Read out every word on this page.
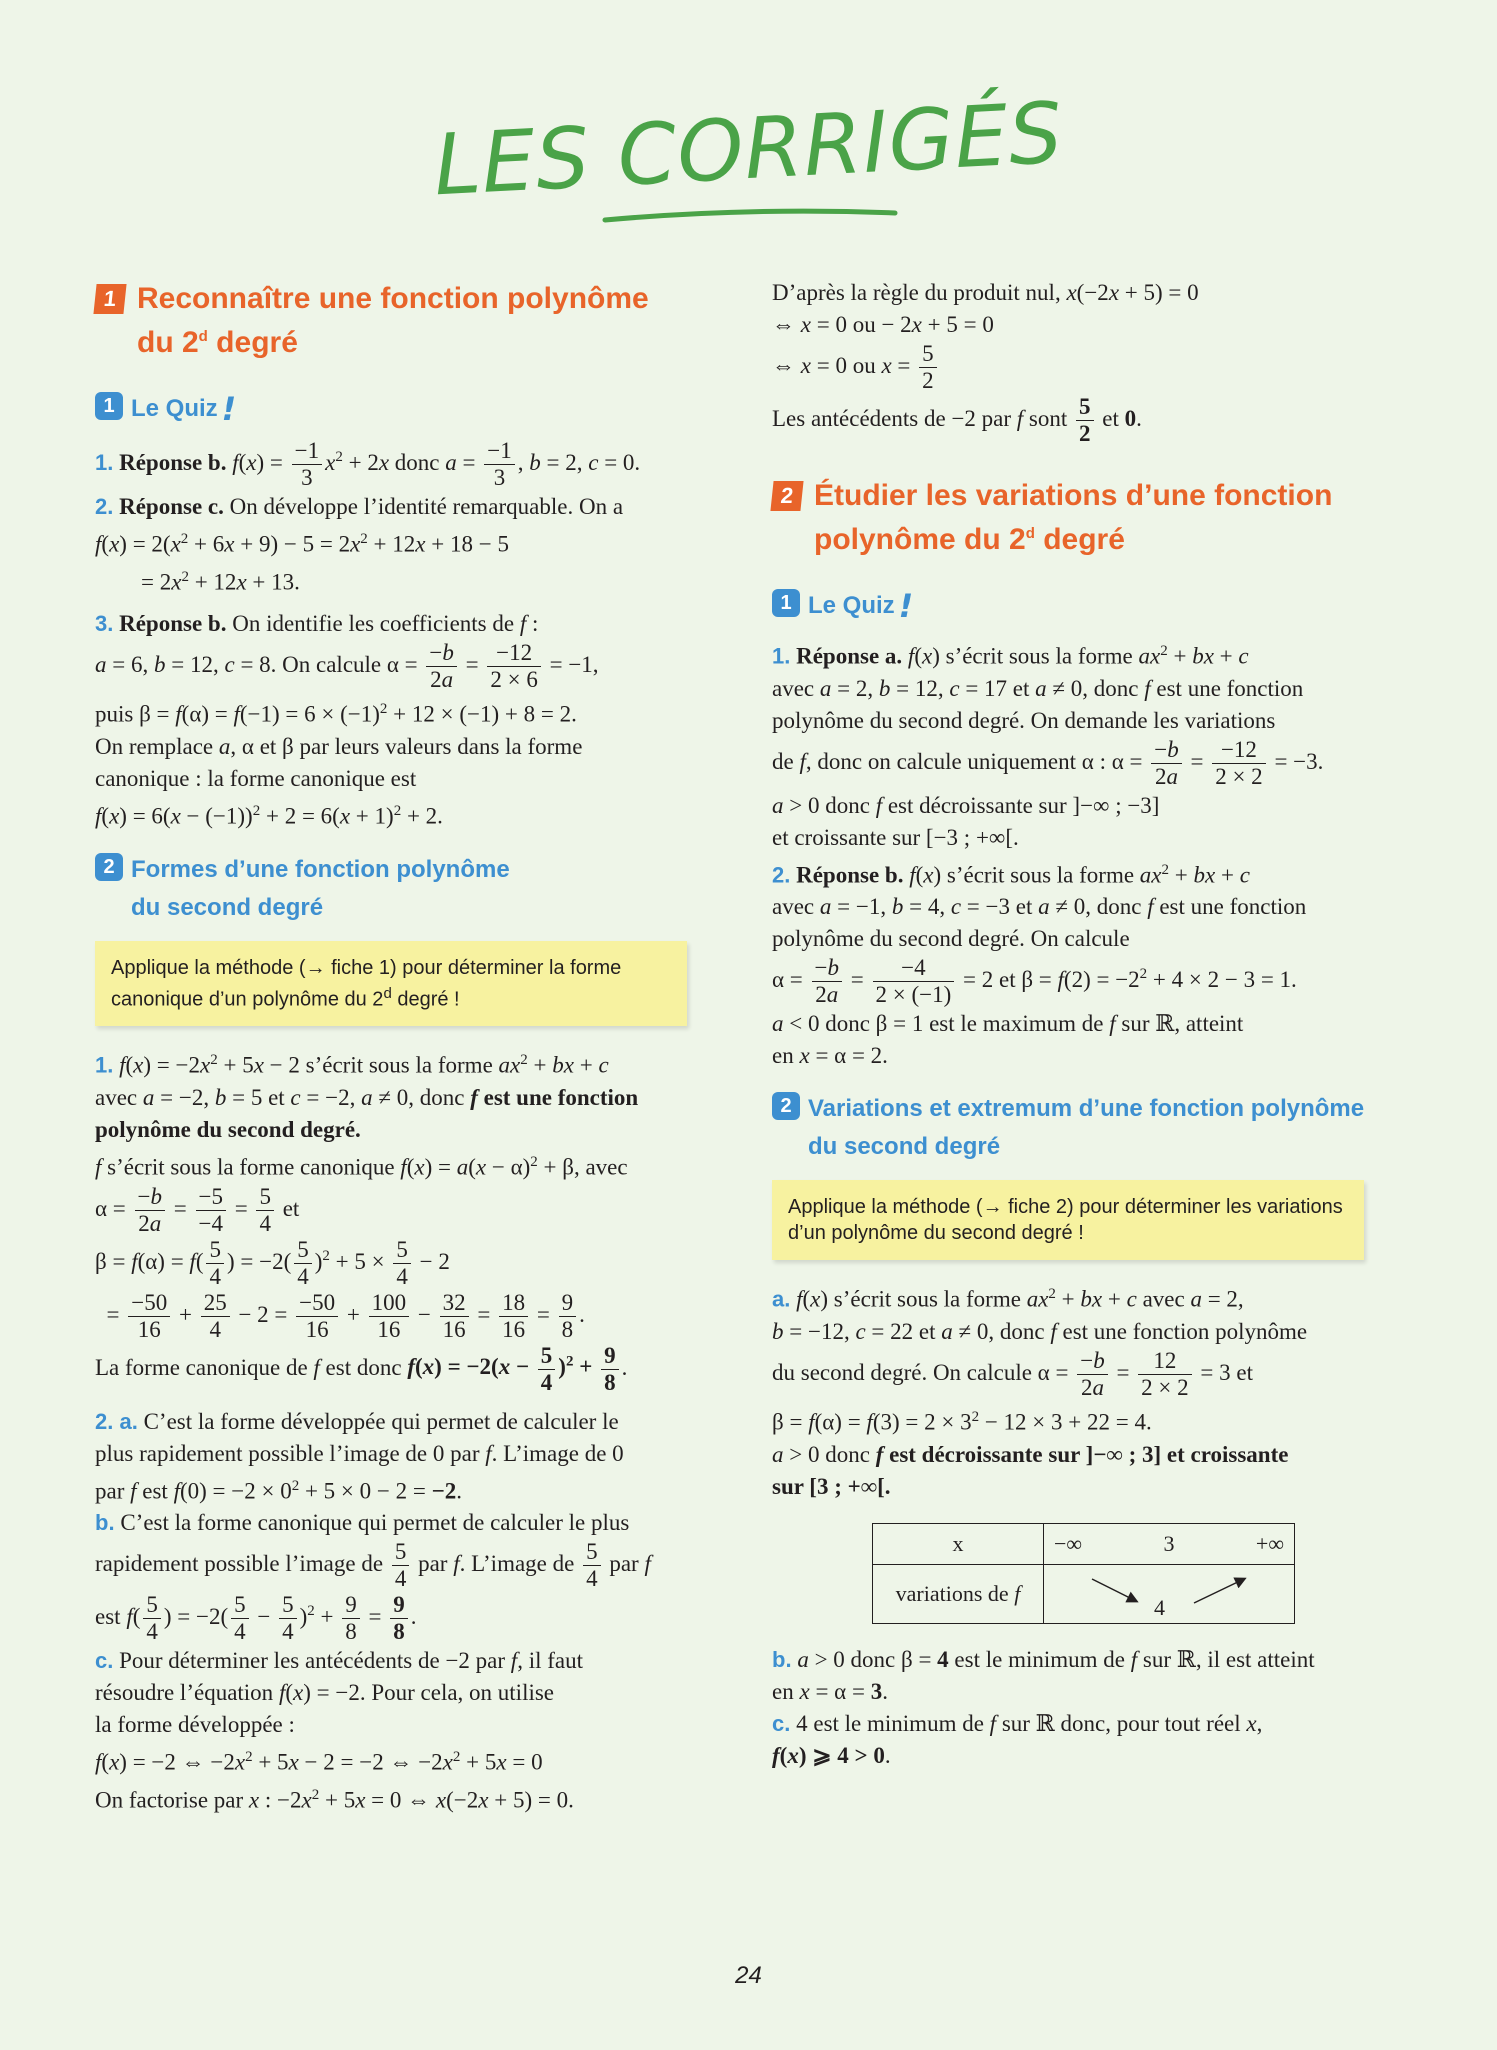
LES CORRIGÉS
1 Reconnaître une fonction polynôme
du 2$^d$ degré
1 Le Quiz !

1. Réponse b. $f(x) = \frac{-1}{3} x^2 + 2x$ donc $a = \frac{-1}{3}$ , b = 2, c = 0.

2. Réponse c. On développe l’identité remarquable. On a

$f(x) = 2(x^2 + 6x + 9) - 5 = 2x^2 + 12x + 18 - 5$

= $2x^2 + 12x + 13$.

3. Réponse b. On identifie les coefficients de f :

a = 6, b = 12, c = 8. On calcule $\alpha = \frac{-b}{2a} = \frac{-12}{2 \times 6} = -1$,

puis $\beta = f(\alpha) = f(-1) = 6 \times (-1)^2 + 12 \times (-1) + 8 = 2$.

On remplace a, α et β par leurs valeurs dans la forme

canonique : la forme canonique est

$f(x) = 6(x - (-1))^2 + 2 = 6(x + 1)^2 + 2$.

2 Formes d’une fonction polynôme
du second degré
Applique la méthode (→ fiche 1) pour déterminer la forme canonique d’un polynôme du 2$^d$ degré !

1. $f(x) = -2x^2 + 5x - 2$ s’écrit sous la forme $ax^2$ + bx + c

avec a = −2, b = 5 et c = −2, a ≠ 0, donc f est une fonction

polynôme du second degré.

f s’écrit sous la forme canonique $f(x) = a(x - \alpha)^2 + \beta$, avec

$\alpha = \frac{-b}{2a} = \frac{-5}{-4} = \frac{5}{4}$ et

$\beta = f(\alpha) = f( \frac{5}{4}$ ) = $-2( \frac{5}{4} )^2 + 5 \times \frac{5}{4} - 2$

= $\frac{-50}{16} + \frac{25}{4} - 2 = \frac{-50}{16} + \frac{100}{16} - \frac{32}{16} = \frac{18}{16} = \frac{9}{8}$ .

La forme canonique de f est donc $f(x) = -2(x - \frac{5}{4} )^2 + \frac{9}{8}$ .

2. a. C’est la forme développée qui permet de calculer le

plus rapidement possible l’image de 0 par f. L’image de 0

par f est $f(0) = -2 \times 0^2 + 5 \times 0 - 2 = -2$.

b. C’est la forme canonique qui permet de calculer le plus

rapidement possible l’image de $\frac{5}{4}$ par f. L’image de $\frac{5}{4}$ par f

est $f( \frac{5}{4}$ ) = $-2( \frac{5}{4} - \frac{5}{4} )^2 + \frac{9}{8} = \frac{9}{8}$ .

c. Pour déterminer les antécédents de −2 par f, il faut

résoudre l’équation f(x) = −2. Pour cela, on utilise

la forme développée :

f(x) = −2 ⇔ $-2x^2 + 5x - 2 = -2$ ⇔ $-2x^2 + 5x = 0$

On factorise par x : $-2x^2 + 5x = 0$ ⇔ x(−2x + 5) = 0.

D’après la règle du produit nul, x(−2x + 5) = 0

⇔ x = 0 ou − 2x + 5 = 0

⇔ x = 0 ou $x = \frac{5}{2}$

Les antécédents de −2 par f sont $\frac{5}{2}$ et 0.

2 Étudier les variations d’une fonction
polynôme du 2$^d$ degré
1 Le Quiz !

1. Réponse a. f(x) s’écrit sous la forme $ax^2$ + bx + c

avec a = 2, b = 12, c = 17 et a ≠ 0, donc f est une fonction

polynôme du second degré. On demande les variations

de f, donc on calcule uniquement α : $\alpha = \frac{-b}{2a} = \frac{-12}{2 \times 2} = -3$.

a > 0 donc f est décroissante sur ]−∞ ; −3]

et croissante sur [−3 ; +∞[.

2. Réponse b. f(x) s’écrit sous la forme $ax^2$ + bx + c

avec a = −1, b = 4, c = −3 et a ≠ 0, donc f est une fonction

polynôme du second degré. On calcule

$\alpha = \frac{-b}{2a} = \frac{-4}{2 \times (-1)} = 2$ et $\beta = f(2) = -2^2 + 4 \times 2 - 3 = 1$.

a < 0 donc β = 1 est le maximum de f sur ℝ, atteint

en x = α = 2.

2 Variations et extremum d’une fonction polynôme
du second degré
Applique la méthode (→ fiche 2) pour déterminer les variations d’un polynôme du second degré !

a. f(x) s’écrit sous la forme $ax^2$ + bx + c avec a = 2,

b = −12, c = 22 et a ≠ 0, donc f est une fonction polynôme

du second degré. On calcule $\alpha = \frac{-b}{2a} = \frac{12}{2 \times 2} = 3$ et

$\beta = f(\alpha) = f(3) = 2 \times 3^2 - 12 \times 3 + 22 = 4$.

a > 0 donc f est décroissante sur ]−∞ ; 3] et croissante

sur [3 ; +∞[.

x	−∞ 3 +∞

variations de f	4

b. a > 0 donc β = 4 est le minimum de f sur ℝ, il est atteint

en x = α = 3.

c. 4 est le minimum de f sur ℝ donc, pour tout réel x,

f(x) ⩾ 4 > 0.

24
